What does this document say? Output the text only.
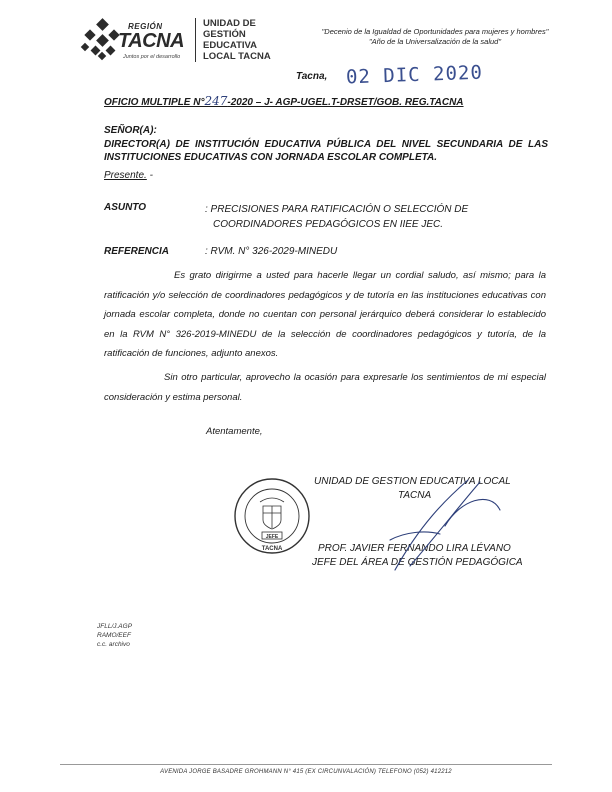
REGIÓN
TACNA
Juntos por el desarrollo
UNIDAD DE
GESTIÓN
EDUCATIVA
LOCAL TACNA
"Decenio de la Igualdad de Oportunidades para mujeres y hombres"
"Año de la Universalización de la salud"
Tacna, 02 DIC 2020
OFICIO MULTIPLE N°247-2020 – J- AGP-UGEL.T-DRSET/GOB. REG.TACNA
SEÑOR(A):
DIRECTOR(A) DE INSTITUCIÓN EDUCATIVA PÚBLICA DEL NIVEL SECUNDARIA DE LAS INSTITUCIONES EDUCATIVAS CON JORNADA ESCOLAR COMPLETA.
Presente. -
ASUNTO	: PRECISIONES PARA RATIFICACIÓN O SELECCIÓN DE
COORDINADORES PEDAGÓGICOS EN IIEE JEC.
REFERENCIA	: RVM. N° 326-2029-MINEDU
Es grato dirigirme a usted para hacerle llegar un cordial saludo, así mismo; para la ratificación y/o selección de coordinadores pedagógicos y de tutoría en las instituciones educativas con jornada escolar completa, donde no cuentan con personal jerárquico deberá considerar lo establecido en la RVM N° 326-2019-MINEDU de la selección de coordinadores pedagógicos y tutoría, de la ratificación de funciones, adjunto anexos.
Sin otro particular, aprovecho la ocasión para expresarle los sentimientos de mi especial consideración y estima personal.
Atentamente,
JEFE
TACNA
UNIDAD DE GESTION EDUCATIVA LOCAL
TACNA
PROF. JAVIER FERNANDO LIRA LÉVANO
JEFE DEL ÁREA DE GESTIÓN PEDAGÓGICA
JFLL/J.AGP
RAMO/EEF
c.c. archivo
AVENIDA JORGE BASADRE GROHMANN N° 415 (EX CIRCUNVALACIÓN) TELEFONO (052) 412212
